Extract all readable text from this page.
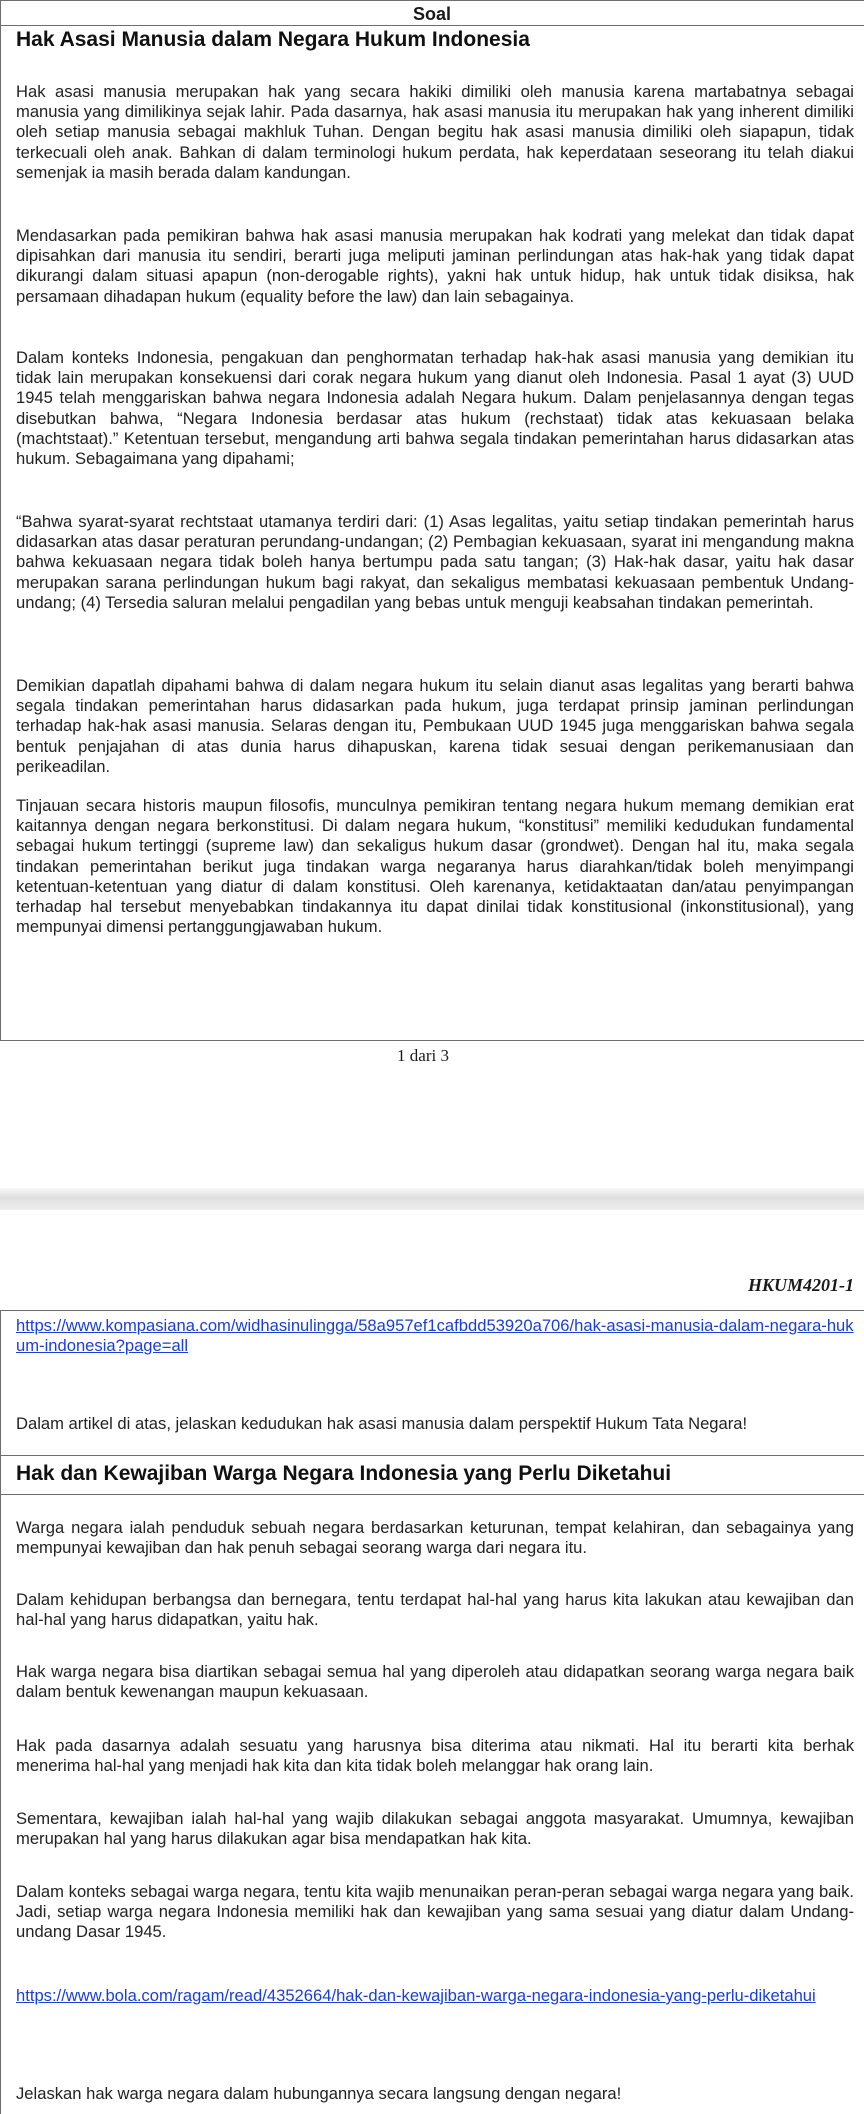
Soal
Hak Asasi Manusia dalam Negara Hukum Indonesia
Hak asasi manusia merupakan hak yang secara hakiki dimiliki oleh manusia karena martabatnya sebagai manusia yang dimilikinya sejak lahir. Pada dasarnya, hak asasi manusia itu merupakan hak yang inherent dimiliki oleh setiap manusia sebagai makhluk Tuhan. Dengan begitu hak asasi manusia dimiliki oleh siapapun, tidak terkecuali oleh anak. Bahkan di dalam terminologi hukum perdata, hak keperdataan seseorang itu telah diakui semenjak ia masih berada dalam kandungan.
Mendasarkan pada pemikiran bahwa hak asasi manusia merupakan hak kodrati yang melekat dan tidak dapat dipisahkan dari manusia itu sendiri, berarti juga meliputi jaminan perlindungan atas hak-hak yang tidak dapat dikurangi dalam situasi apapun (non-derogable rights), yakni hak untuk hidup, hak untuk tidak disiksa, hak persamaan dihadapan hukum (equality before the law) dan lain sebagainya.
Dalam konteks Indonesia, pengakuan dan penghormatan terhadap hak-hak asasi manusia yang demikian itu tidak lain merupakan konsekuensi dari corak negara hukum yang dianut oleh Indonesia. Pasal 1 ayat (3) UUD 1945 telah menggariskan bahwa negara Indonesia adalah Negara hukum. Dalam penjelasannya dengan tegas disebutkan bahwa, “Negara Indonesia berdasar atas hukum (rechstaat) tidak atas kekuasaan belaka (machtstaat).” Ketentuan tersebut, mengandung arti bahwa segala tindakan pemerintahan harus didasarkan atas hukum. Sebagaimana yang dipahami;
“Bahwa syarat-syarat rechtstaat utamanya terdiri dari: (1) Asas legalitas, yaitu setiap tindakan pemerintah harus didasarkan atas dasar peraturan perundang-undangan; (2) Pembagian kekuasaan, syarat ini mengandung makna bahwa kekuasaan negara tidak boleh hanya bertumpu pada satu tangan; (3) Hak-hak dasar, yaitu hak dasar merupakan sarana perlindungan hukum bagi rakyat, dan sekaligus membatasi kekuasaan pembentuk Undang-undang; (4) Tersedia saluran melalui pengadilan yang bebas untuk menguji keabsahan tindakan pemerintah.
Demikian dapatlah dipahami bahwa di dalam negara hukum itu selain dianut asas legalitas yang berarti bahwa segala tindakan pemerintahan harus didasarkan pada hukum, juga terdapat prinsip jaminan perlindungan terhadap hak-hak asasi manusia. Selaras dengan itu, Pembukaan UUD 1945 juga menggariskan bahwa segala bentuk penjajahan di atas dunia harus dihapuskan, karena tidak sesuai dengan perikemanusiaan dan perikeadilan.
Tinjauan secara historis maupun filosofis, munculnya pemikiran tentang negara hukum memang demikian erat kaitannya dengan negara berkonstitusi. Di dalam negara hukum, “konstitusi” memiliki kedudukan fundamental sebagai hukum tertinggi (supreme law) dan sekaligus hukum dasar (grondwet). Dengan hal itu, maka segala tindakan pemerintahan berikut juga tindakan warga negaranya harus diarahkan/tidak boleh menyimpangi ketentuan-ketentuan yang diatur di dalam konstitusi. Oleh karenanya, ketidaktaatan dan/atau penyimpangan terhadap hal tersebut menyebabkan tindakannya itu dapat dinilai tidak konstitusional (inkonstitusional), yang mempunyai dimensi pertanggungjawaban hukum.
1 dari 3
HKUM4201-1
https://www.kompasiana.com/widhasinulingga/58a957ef1cafbdd53920a706/hak-asasi-manusia-dalam-negara-hukum-indonesia?page=all
Dalam artikel di atas, jelaskan kedudukan hak asasi manusia dalam perspektif Hukum Tata Negara!
Hak dan Kewajiban Warga Negara Indonesia yang Perlu Diketahui
Warga negara ialah penduduk sebuah negara berdasarkan keturunan, tempat kelahiran, dan sebagainya yang mempunyai kewajiban dan hak penuh sebagai seorang warga dari negara itu.
Dalam kehidupan berbangsa dan bernegara, tentu terdapat hal-hal yang harus kita lakukan atau kewajiban dan hal-hal yang harus didapatkan, yaitu hak.
Hak warga negara bisa diartikan sebagai semua hal yang diperoleh atau didapatkan seorang warga negara baik dalam bentuk kewenangan maupun kekuasaan.
Hak pada dasarnya adalah sesuatu yang harusnya bisa diterima atau nikmati. Hal itu berarti kita berhak menerima hal-hal yang menjadi hak kita dan kita tidak boleh melanggar hak orang lain.
Sementara, kewajiban ialah hal-hal yang wajib dilakukan sebagai anggota masyarakat. Umumnya, kewajiban merupakan hal yang harus dilakukan agar bisa mendapatkan hak kita.
Dalam konteks sebagai warga negara, tentu kita wajib menunaikan peran-peran sebagai warga negara yang baik. Jadi, setiap warga negara Indonesia memiliki hak dan kewajiban yang sama sesuai yang diatur dalam Undang-undang Dasar 1945.
https://www.bola.com/ragam/read/4352664/hak-dan-kewajiban-warga-negara-indonesia-yang-perlu-diketahui
Jelaskan hak warga negara dalam hubungannya secara langsung dengan negara!
